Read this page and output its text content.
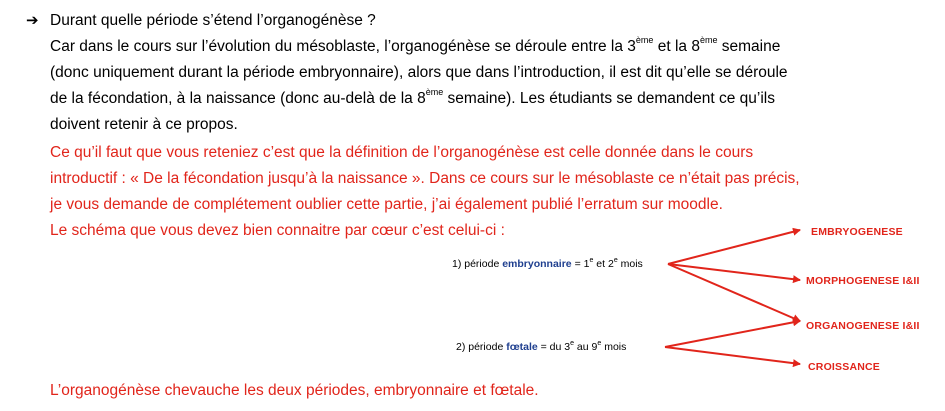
➔ Durant quelle période s’étend l’organogénèse ?
Car dans le cours sur l’évolution du mésoblaste, l’organogénèse se déroule entre la 3ème et la 8ème semaine
(donc uniquement durant la période embryonnaire), alors que dans l’introduction, il est dit qu’elle se déroule
de la fécondation, à la naissance (donc au-delà de la 8ème semaine). Les étudiants se demandent ce qu’ils
doivent retenir à ce propos.
Ce qu’il faut que vous reteniez c’est que la définition de l’organogénèse est celle donnée dans le cours
introductif : « De la fécondation jusqu’à la naissance ». Dans ce cours sur le mésoblaste ce n’était pas précis,
je vous demande de complétement oublier cette partie, j’ai également publié l’erratum sur moodle.
Le schéma que vous devez bien connaitre par cœur c’est celui-ci :
1) période embryonnaire = $1^e$ et 2e mois
2) période fœtale = du 3e au 9e mois
EMBRYOGENESE
MORPHOGENESE I&II
ORGANOGENESE I&II
CROISSANCE
L’organogénèse chevauche les deux périodes, embryonnaire et fœtale.
